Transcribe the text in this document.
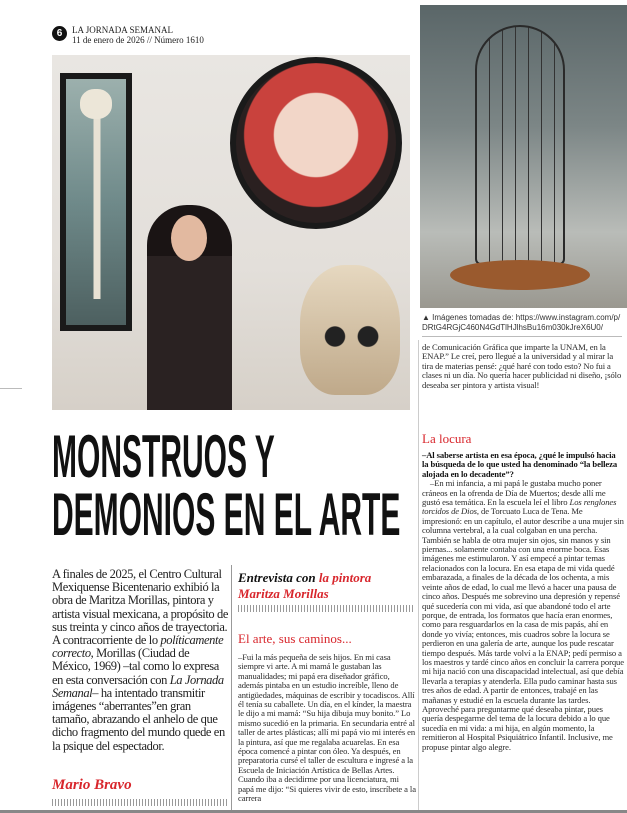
6	LA JORNADA SEMANAL
11 de enero de 2026 // Número 1610
▲ Imágenes tomadas de: https://www.instagram.com/p/DRtG4RGjC460N4GdTlHJlhsBu16m030kJreX6U0/
de Comunicación Gráfica que imparte la UNAM, en la ENAP.” Le creí, pero llegué a la universidad y al mirar la tira de materias pensé: ¿qué haré con todo esto? No fui a clases ni un día. No quería hacer publicidad ni diseño, ¡sólo deseaba ser pintora y artista visual!
La locura
–Al saberse artista en esa época, ¿qué le impulsó hacia la búsqueda de lo que usted ha denominado “la belleza alojada en lo decadente”?
–En mi infancia, a mi papá le gustaba mucho poner cráneos en la ofrenda de Día de Muertos; desde allí me gustó esa temática. En la escuela leí el libro Los renglones torcidos de Dios, de Torcuato Luca de Tena. Me impresionó: en un capítulo, el autor describe a una mujer sin columna vertebral, a la cual colgaban en una percha. También se habla de otra mujer sin ojos, sin manos y sin piernas... solamente contaba con una enorme boca. Esas imágenes me estimularon. Y así empecé a pintar temas relacionados con la locura. En esa etapa de mi vida quedé embarazada, a finales de la década de los ochenta, a mis veinte años de edad, lo cual me llevó a hacer una pausa de cinco años. Después me sobrevino una depresión y repensé qué sucedería con mi vida, así que abandoné todo el arte porque, de entrada, los formatos que hacía eran enormes, como para resguardarlos en la casa de mis papás, ahí en donde yo vivía; entonces, mis cuadros sobre la locura se perdieron en una galería de arte, aunque los pude rescatar tiempo después. Más tarde volví a la ENAP; pedí permiso a los maestros y tardé cinco años en concluir la carrera porque mi hija nació con una discapacidad intelectual, así que debía llevarla a terapias y atenderla. Ella pudo caminar hasta sus tres años de edad. A partir de entonces, trabajé en las mañanas y estudié en la escuela durante las tardes. Aproveché para preguntarme qué deseaba pintar, pues quería despegarme del tema de la locura debido a lo que sucedía en mi vida: a mi hija, en algún momento, la remitieron al Hospital Psiquiátrico Infantil. Inclusive, me propuse pintar algo alegre.
MONSTRUOS Y
DEMONIOS EN EL ARTE
A finales de 2025, el Centro Cultural Mexiquense Bicentenario exhibió la obra de Maritza Morillas, pintora y artista visual mexicana, a propósito de sus treinta y cinco años de trayectoria. A contracorriente de lo políticamente correcto, Morillas (Ciudad de México, 1969) –tal como lo expresa en esta conversación con La Jornada Semanal– ha intentado transmitir imágenes “aberrantes”en gran tamaño, abrazando el anhelo de que dicho fragmento del mundo quede en la psique del espectador.
Mario Bravo
Entrevista con la pintora Maritza Morillas
El arte, sus caminos...
–Fui la más pequeña de seis hijos. En mi casa siempre vi arte. A mi mamá le gustaban las manualidades; mi papá era diseñador gráfico, además pintaba en un estudio increíble, lleno de antigüedades, máquinas de escribir y tocadiscos. Allí él tenía su caballete. Un día, en el kínder, la maestra le dijo a mi mamá: “Su hija dibuja muy bonito.” Lo mismo sucedió en la primaria. En secundaria entré al taller de artes plásticas; allí mi papá vio mi interés en la pintura, así que me regalaba acuarelas. En esa época comencé a pintar con óleo. Ya después, en preparatoria cursé el taller de escultura e ingresé a la Escuela de Iniciación Artística de Bellas Artes. Cuando iba a decidirme por una licenciatura, mi papá me dijo: “Si quieres vivir de esto, inscríbete a la carrera
